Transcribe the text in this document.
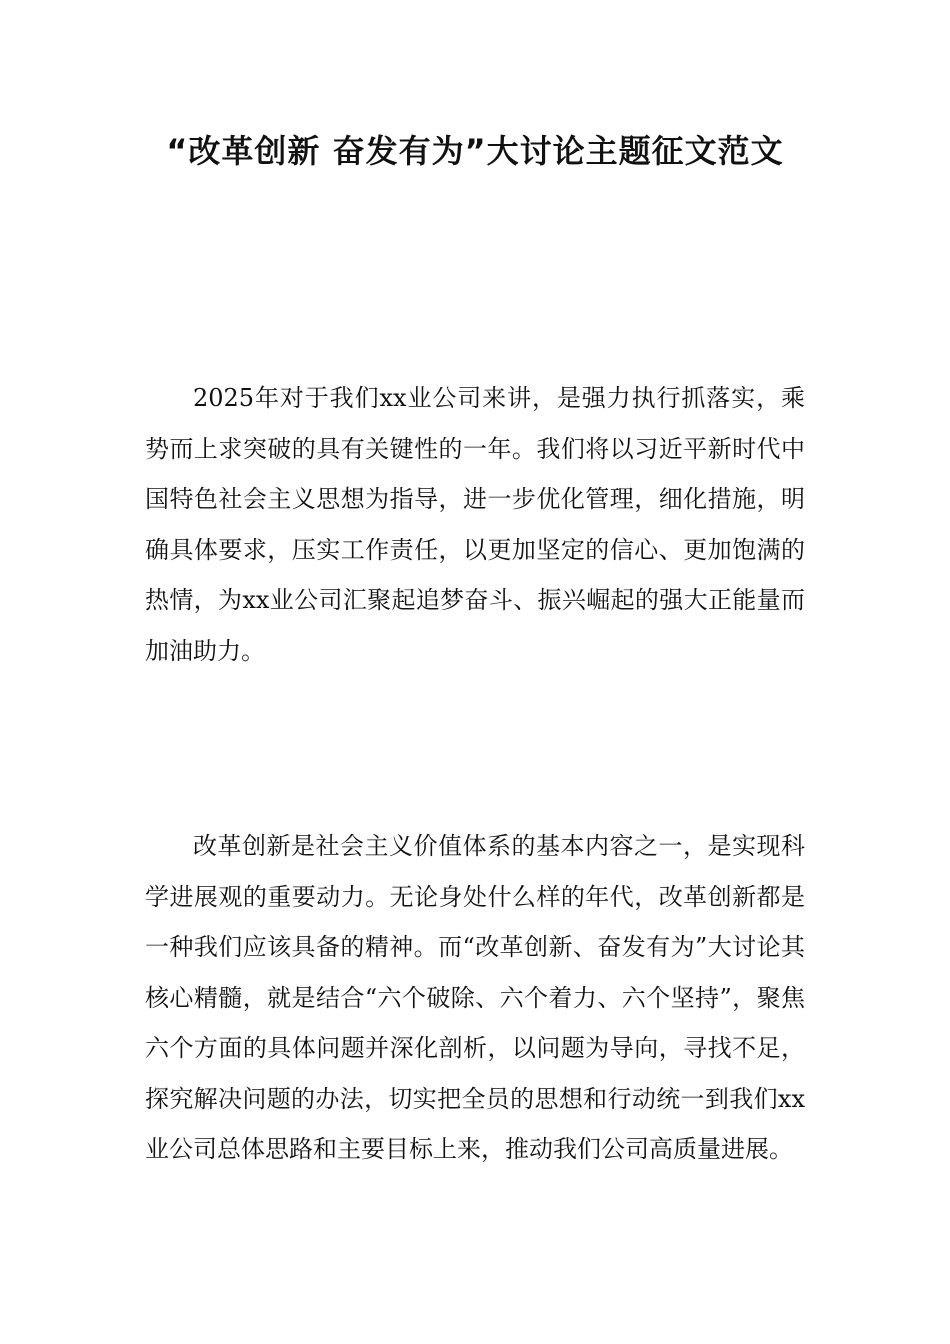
“改革创新 奋发有为”大讨论主题征文范文

2025年对于我们xx业公司来讲，是强力执行抓落实，乘势而上求突破的具有关键性的一年。我们将以习近平新时代中国特色社会主义思想为指导，进一步优化管理，细化措施，明确具体要求，压实工作责任，以更加坚定的信心、更加饱满的热情，为xx业公司汇聚起追梦奋斗、振兴崛起的强大正能量而加油助力。

改革创新是社会主义价值体系的基本内容之一，是实现科学进展观的重要动力。无论身处什么样的年代，改革创新都是一种我们应该具备的精神。而“改革创新、奋发有为”大讨论其核心精髓，就是结合“六个破除、六个着力、六个坚持”，聚焦六个方面的具体问题并深化剖析，以问题为导向，寻找不足，探究解决问题的办法，切实把全员的思想和行动统一到我们xx业公司总体思路和主要目标上来，推动我们公司高质量进展。
